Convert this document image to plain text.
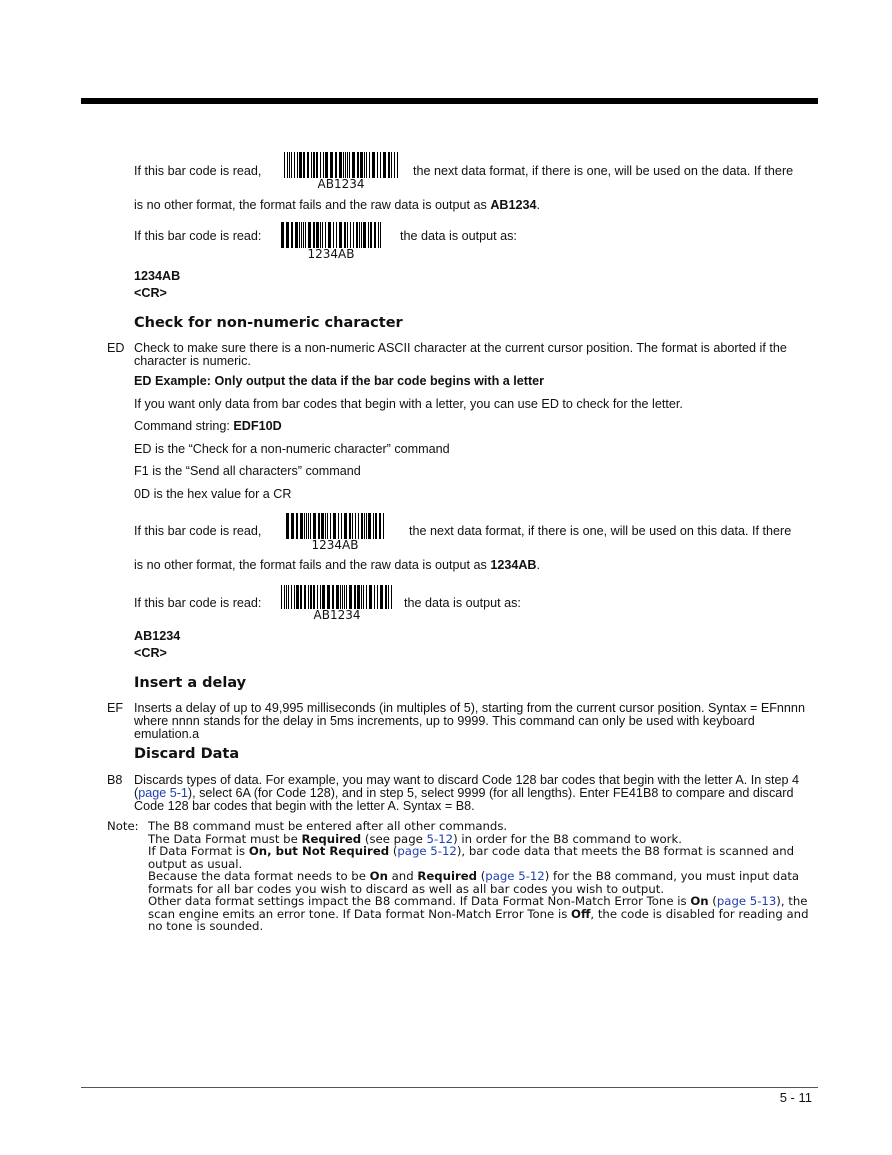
If this bar code is read,
AB1234
the next data format, if there is one, will be used on the data. If there
is no other format, the format fails and the raw data is output as AB1234.
If this bar code is read:
1234AB
the data is output as:
1234AB
<CR>
Check for non-numeric character
ED Check to make sure there is a non-numeric ASCII character at the current cursor position. The format is aborted if the character is numeric.
ED Example: Only output the data if the bar code begins with a letter
If you want only data from bar codes that begin with a letter, you can use ED to check for the letter.
Command string: EDF10D
ED is the “Check for a non-numeric character” command
F1 is the “Send all characters” command
0D is the hex value for a CR
If this bar code is read,
1234AB
the next data format, if there is one, will be used on this data. If there
is no other format, the format fails and the raw data is output as 1234AB.
If this bar code is read:
AB1234
the data is output as:
AB1234
<CR>
Insert a delay
EF Inserts a delay of up to 49,995 milliseconds (in multiples of 5), starting from the current cursor position. Syntax = EFnnnn where nnnn stands for the delay in 5ms increments, up to 9999. This command can only be used with keyboard emulation.a
Discard Data
B8 Discards types of data. For example, you may want to discard Code 128 bar codes that begin with the letter A. In step 4 (page 5-1), select 6A (for Code 128), and in step 5, select 9999 (for all lengths). Enter FE41B8 to compare and discard Code 128 bar codes that begin with the letter A. Syntax = B8.
Note: The B8 command must be entered after all other commands.

The Data Format must be Required (see page 5-12) in order for the B8 command to work.

If Data Format is On, but Not Required (page 5-12), bar code data that meets the B8 format is scanned and output as usual.

Because the data format needs to be On and Required (page 5-12) for the B8 command, you must input data formats for all bar codes you wish to discard as well as all bar codes you wish to output.

Other data format settings impact the B8 command. If Data Format Non-Match Error Tone is On (page 5-13), the scan engine emits an error tone. If Data format Non-Match Error Tone is Off, the code is disabled for reading and no tone is sounded.

5 - 11
